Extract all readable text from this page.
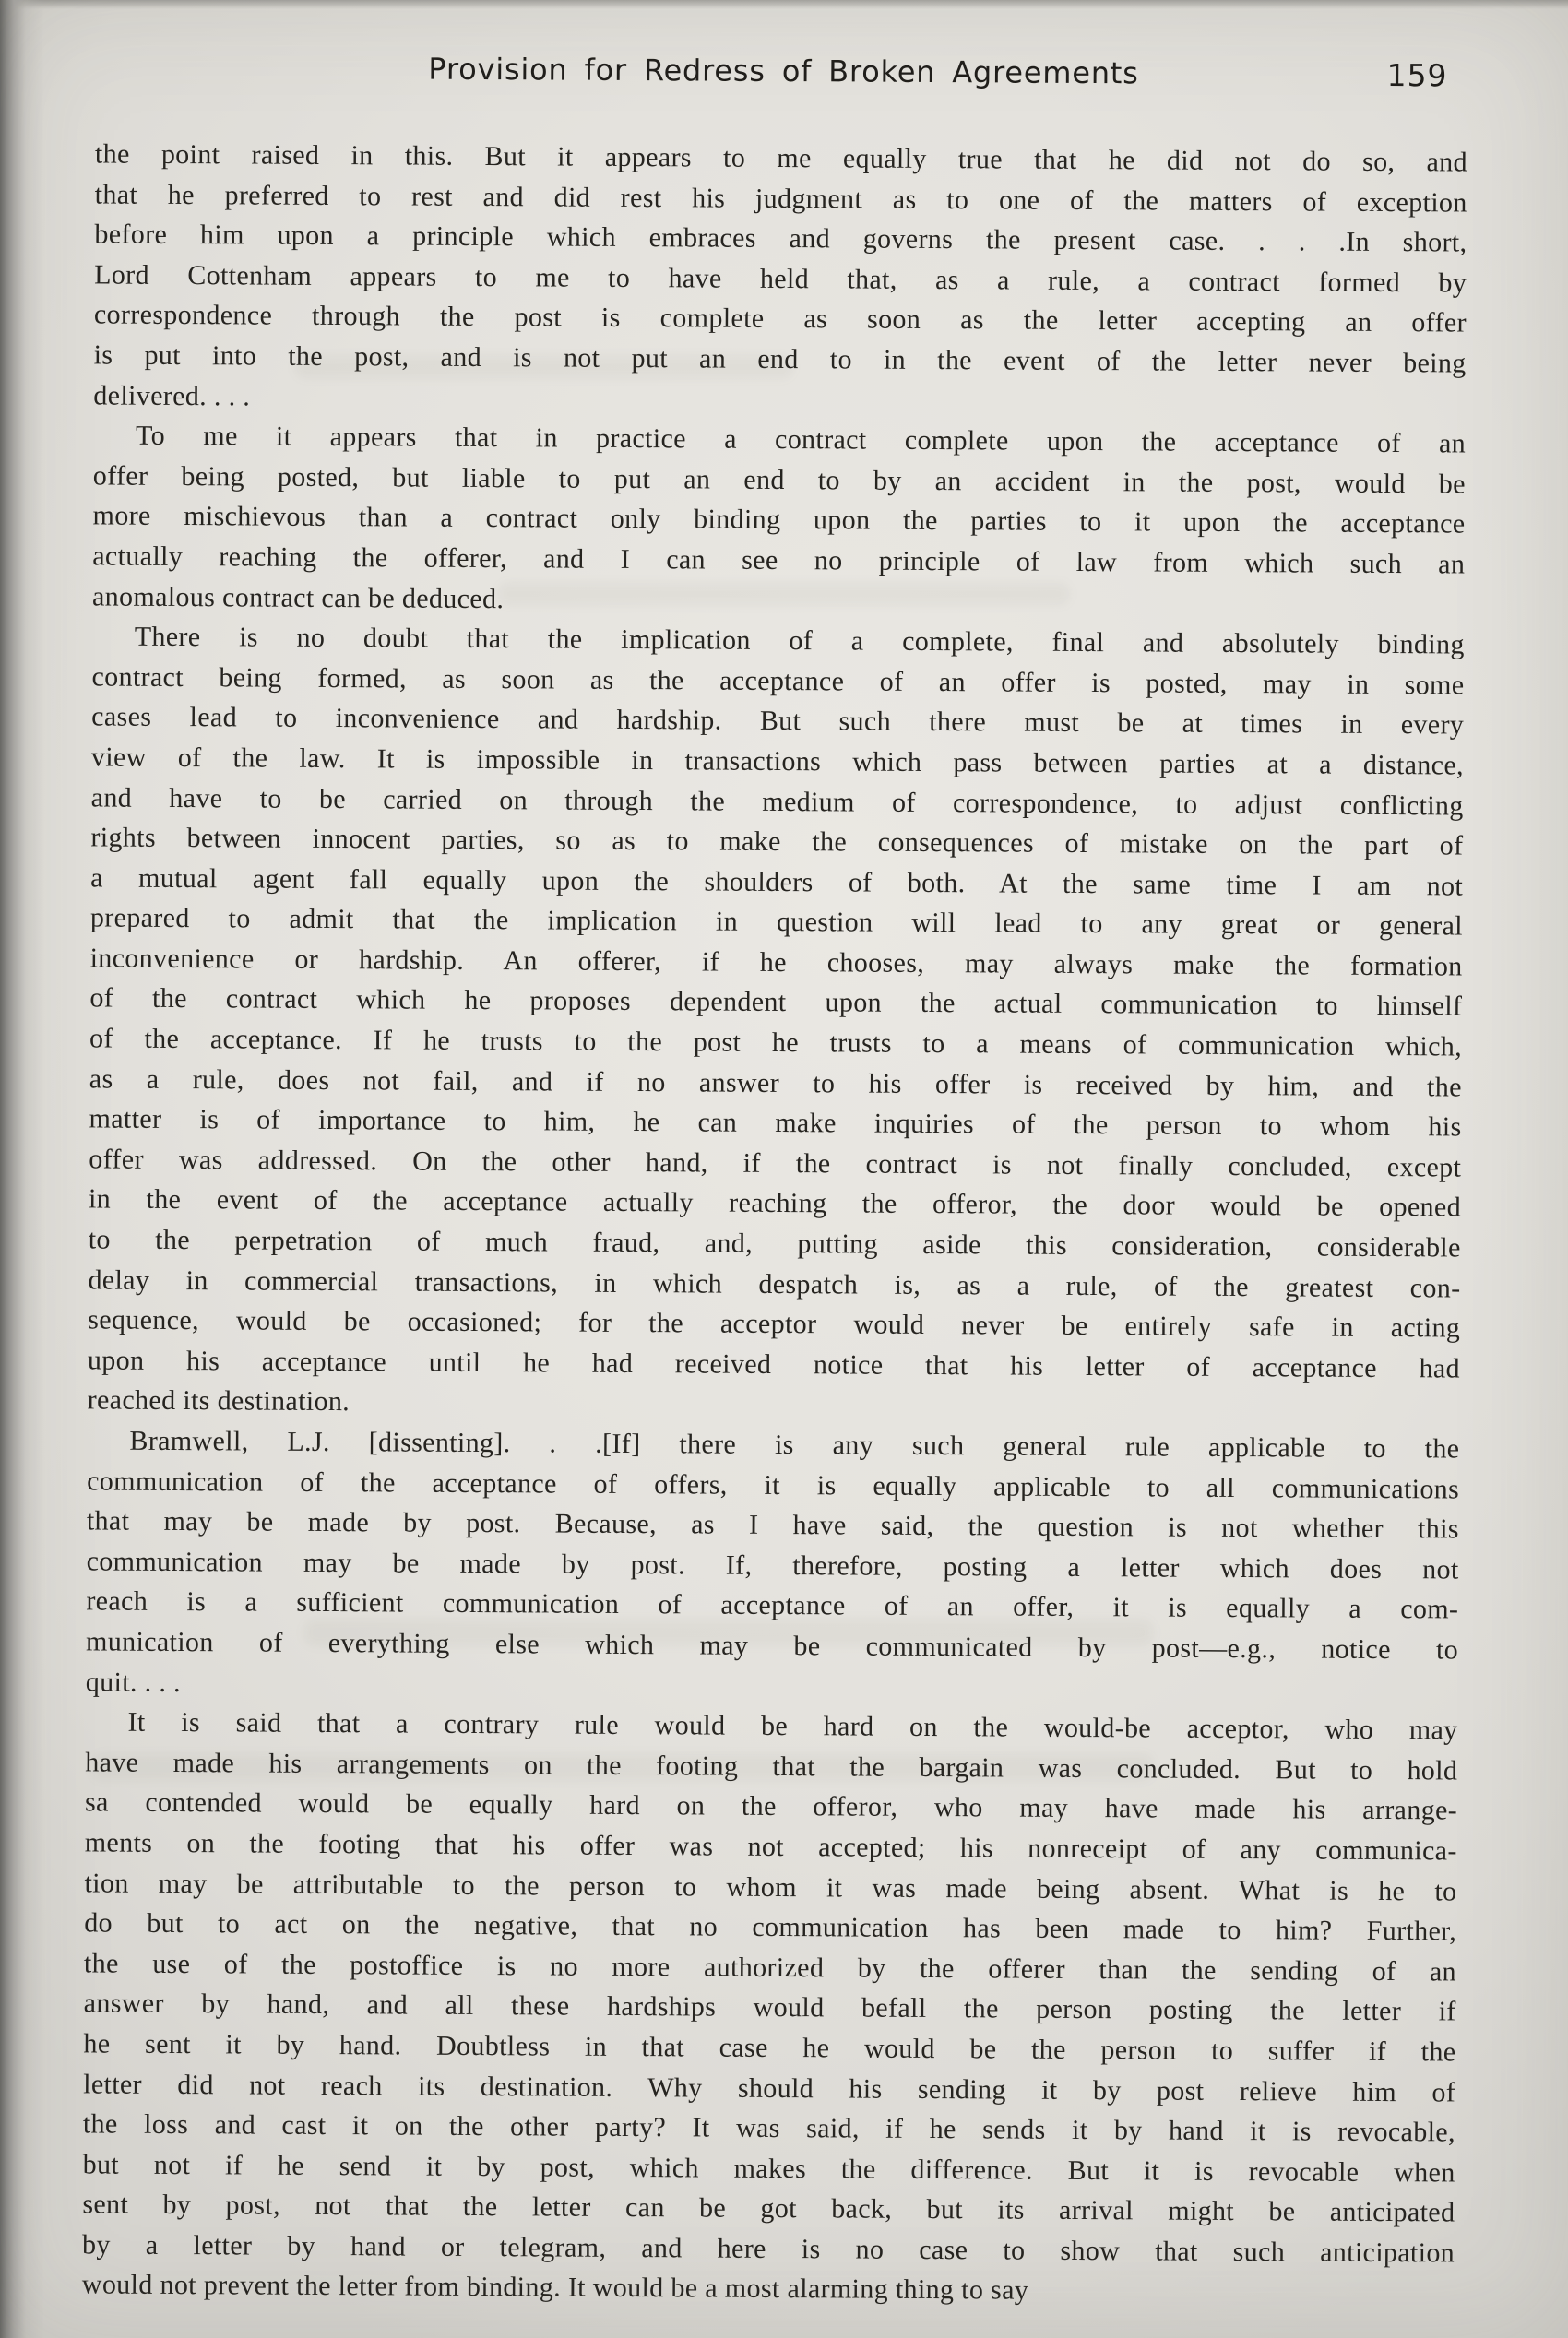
Provision for Redress of Broken Agreements	159
the point raised in this. But it appears to me equally true that he did not do so, and
that he preferred to rest and did rest his judgment as to one of the matters of exception
before him upon a principle which embraces and governs the present case. . . .In short,
Lord Cottenham appears to me to have held that, as a rule, a contract formed by
correspondence through the post is complete as soon as the letter accepting an offer
is put into the post, and is not put an end to in the event of the letter never being
delivered. . . .
To me it appears that in practice a contract complete upon the acceptance of an
offer being posted, but liable to put an end to by an accident in the post, would be
more mischievous than a contract only binding upon the parties to it upon the acceptance
actually reaching the offerer, and I can see no principle of law from which such an
anomalous contract can be deduced.
There is no doubt that the implication of a complete, final and absolutely binding
contract being formed, as soon as the acceptance of an offer is posted, may in some
cases lead to inconvenience and hardship. But such there must be at times in every
view of the law. It is impossible in transactions which pass between parties at a distance,
and have to be carried on through the medium of correspondence, to adjust conflicting
rights between innocent parties, so as to make the consequences of mistake on the part of
a mutual agent fall equally upon the shoulders of both. At the same time I am not
prepared to admit that the implication in question will lead to any great or general
inconvenience or hardship. An offerer, if he chooses, may always make the formation
of the contract which he proposes dependent upon the actual communication to himself
of the acceptance. If he trusts to the post he trusts to a means of communication which,
as a rule, does not fail, and if no answer to his offer is received by him, and the
matter is of importance to him, he can make inquiries of the person to whom his
offer was addressed. On the other hand, if the contract is not finally concluded, except
in the event of the acceptance actually reaching the offeror, the door would be opened
to the perpetration of much fraud, and, putting aside this consideration, considerable
delay in commercial transactions, in which despatch is, as a rule, of the greatest con-
sequence, would be occasioned; for the acceptor would never be entirely safe in acting
upon his acceptance until he had received notice that his letter of acceptance had
reached its destination.
Bramwell, L.J. [dissenting]. . .[If] there is any such general rule applicable to the
communication of the acceptance of offers, it is equally applicable to all communications
that may be made by post. Because, as I have said, the question is not whether this
communication may be made by post. If, therefore, posting a letter which does not
reach is a sufficient communication of acceptance of an offer, it is equally a com-
munication of everything else which may be communicated by post—e.g., notice to
quit. . . .
It is said that a contrary rule would be hard on the would-be acceptor, who may
have made his arrangements on the footing that the bargain was concluded. But to hold
sa contended would be equally hard on the offeror, who may have made his arrange-
ments on the footing that his offer was not accepted; his nonreceipt of any communica-
tion may be attributable to the person to whom it was made being absent. What is he to
do but to act on the negative, that no communication has been made to him? Further,
the use of the postoffice is no more authorized by the offerer than the sending of an
answer by hand, and all these hardships would befall the person posting the letter if
he sent it by hand. Doubtless in that case he would be the person to suffer if the
letter did not reach its destination. Why should his sending it by post relieve him of
the loss and cast it on the other party? It was said, if he sends it by hand it is revocable,
but not if he send it by post, which makes the difference. But it is revocable when
sent by post, not that the letter can be got back, but its arrival might be anticipated
by a letter by hand or telegram, and here is no case to show that such anticipation
would not prevent the letter from binding. It would be a most alarming thing to say
